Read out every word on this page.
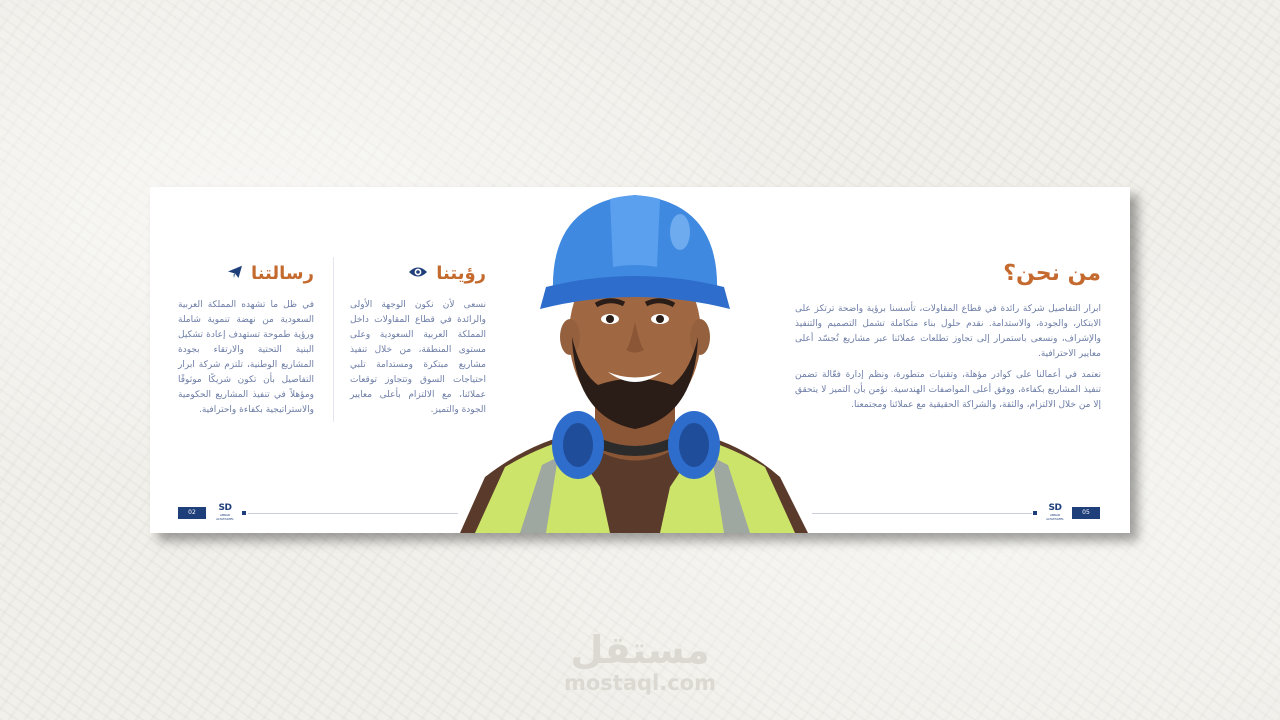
رسالتنا

في ظل ما تشهده المملكة العربية السعودية من نهضة تنموية شاملة ورؤية طموحة تستهدف إعادة تشكيل البنية التحتية والارتقاء بجودة المشاريع الوطنية، تلتزم شركة ابرار التفاصيل بأن تكون شريكًا موثوقًا ومؤهلاً في تنفيذ المشاريع الحكومية والاستراتيجية بكفاءة واحترافية.

رؤيتنا

نسعى لأن نكون الوجهة الأولى والرائدة في قطاع المقاولات داخل المملكة العربية السعودية وعلى مستوى المنطقة، من خلال تنفيذ مشاريع مبتكرة ومستدامة تلبي احتياجات السوق وتتجاوز توقعات عملائنا، مع الالتزام بأعلى معايير الجودة والتميز.

من نحن؟

ابرار التفاصيل شركة رائدة في قطاع المقاولات، تأسسنا برؤية واضحة ترتكز على الابتكار، والجودة، والاستدامة. نقدم حلول بناء متكاملة تشمل التصميم والتنفيذ والإشراف، ونسعى باستمرار إلى تجاوز تطلعات عملائنا عبر مشاريع تُجسّد أعلى معايير الاحترافية.

نعتمد في أعمالنا على كوادر مؤهلة، وتقنيات متطورة، ونظم إدارة فعّالة تضمن تنفيذ المشاريع بكفاءة، ووفق أعلى المواصفات الهندسية. نؤمن بأن التميز لا يتحقق إلا من خلال الالتزام، والثقة، والشراكة الحقيقية مع عملائنا ومجتمعنا.

02	SD
ABRAR ALTAFASEEL
SD
ABRAR ALTAFASEEL
05
مستقل
mostaql.com
